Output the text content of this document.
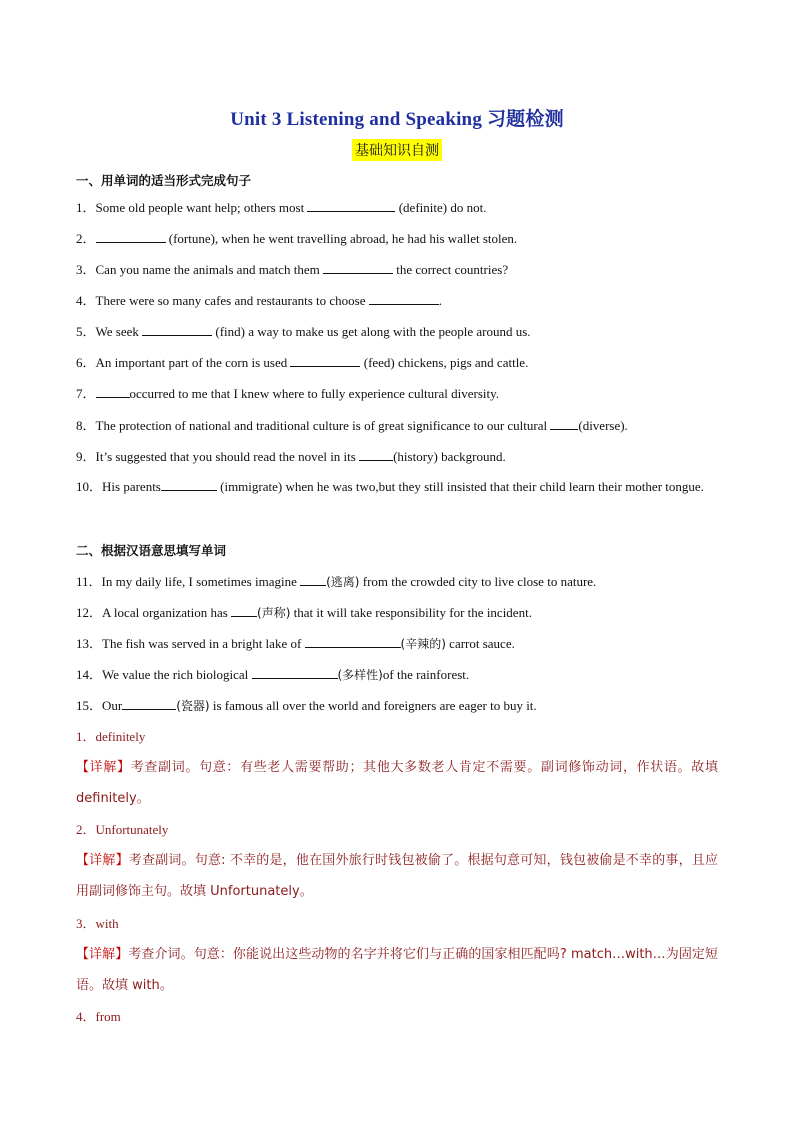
Unit 3 Listening and Speaking 习题检测
基础知识自测
一、用单词的适当形式完成句子
1．Some old people want help; others most	(definite) do not.
2．	(fortune), when he went travelling abroad, he had his wallet stolen.
3．Can you name the animals and match them	the correct countries?
4．There were so many cafes and restaurants to choose	.
5．We seek	(find) a way to make us get along with the people around us.
6．An important part of the corn is used	(feed) chickens, pigs and cattle.
7．	occurred to me that I knew where to fully experience cultural diversity.
8．The protection of national and traditional culture is of great significance to our cultural (diverse).
9．It’s suggested that you should read the novel in its	(history) background.
10．His parents	(immigrate) when he was two,but they still insisted that their child learn their mother tongue.
二、根据汉语意思填写单词
11．In my daily life, I sometimes imagine (逃离) from the crowded city to live close to nature.
12．A local organization has (声称) that it will take responsibility for the incident.
13．The fish was served in a bright lake of	(辛辣的) carrot sauce.
14．We value the rich biological	(多样性)of the rainforest.
15．Our	(瓷器) is famous all over the world and foreigners are eager to buy it.
1．definitely
【详解】考查副词。句意：有些老人需要帮助；其他大多数老人肯定不需要。副词修饰动词，作状语。故填 definitely。
2．Unfortunately
【详解】考查副词。句意: 不幸的是，他在国外旅行时钱包被偷了。根据句意可知，钱包被偷是不幸的事，且应用副词修饰主句。故填 Unfortunately。
3．with
【详解】考查介词。句意：你能说出这些动物的名字并将它们与正确的国家相匹配吗? match…with…为固定短语。故填 with。
4．from
